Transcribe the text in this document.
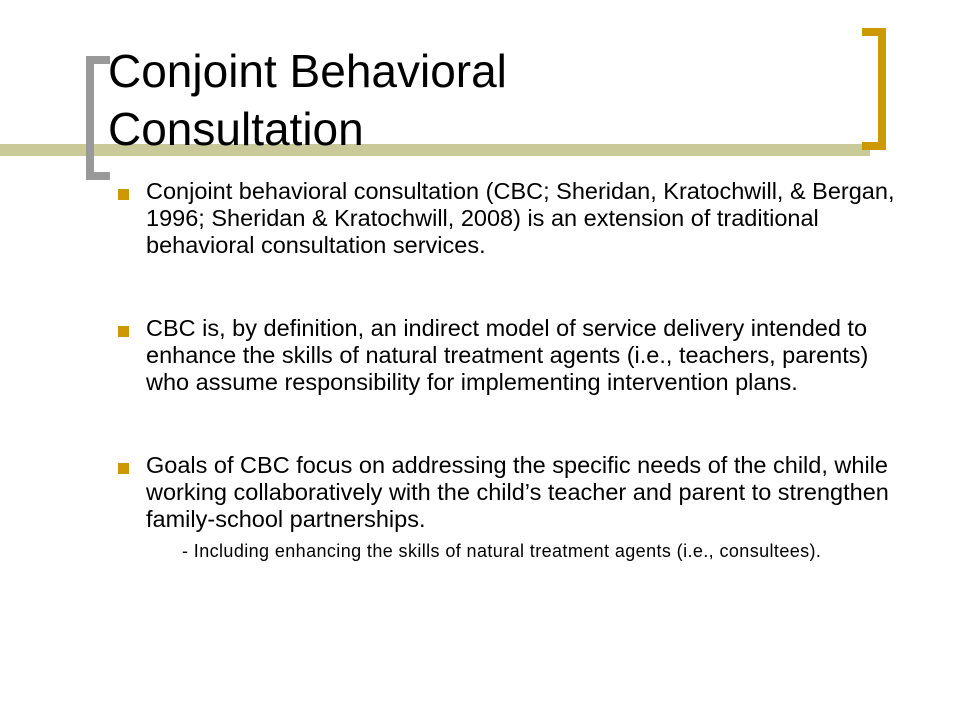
Conjoint Behavioral
Consultation
Conjoint behavioral consultation (CBC; Sheridan, Kratochwill, & Bergan, 1996; Sheridan & Kratochwill, 2008) is an extension of traditional behavioral consultation services.
CBC is, by definition, an indirect model of service delivery intended to enhance the skills of natural treatment agents (i.e., teachers, parents) who assume responsibility for implementing intervention plans.
Goals of CBC focus on addressing the specific needs of the child, while working collaboratively with the child’s teacher and parent to strengthen family-school partnerships.
- Including enhancing the skills of natural treatment agents (i.e., consultees).
